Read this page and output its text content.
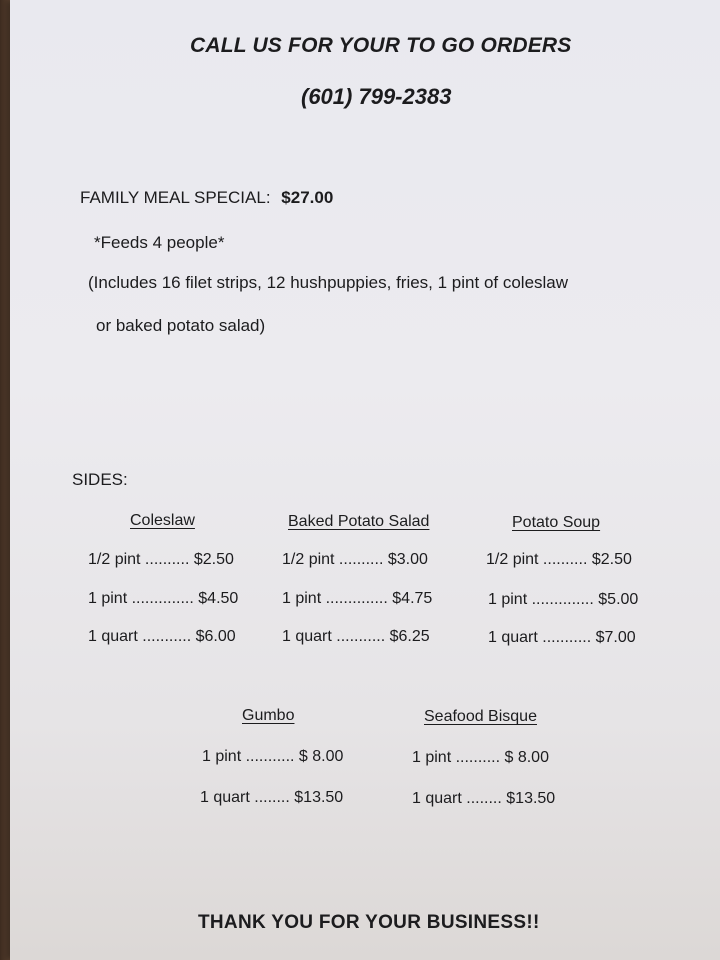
CALL US FOR YOUR TO GO ORDERS
(601) 799-2383
FAMILY MEAL SPECIAL: $27.00
*Feeds 4 people*
(Includes 16 filet strips, 12 hushpuppies, fries, 1 pint of coleslaw
or baked potato salad)
SIDES:
Coleslaw
1/2 pint .......... $2.50
1 pint .............. $4.50
1 quart ........... $6.00
Baked Potato Salad
1/2 pint .......... $3.00
1 pint .............. $4.75
1 quart ........... $6.25
Potato Soup
1/2 pint .......... $2.50
1 pint .............. $5.00
1 quart ........... $7.00
Gumbo
1 pint ........... $ 8.00
1 quart ........ $13.50
Seafood Bisque
1 pint .......... $ 8.00
1 quart ........ $13.50
THANK YOU FOR YOUR BUSINESS!!
